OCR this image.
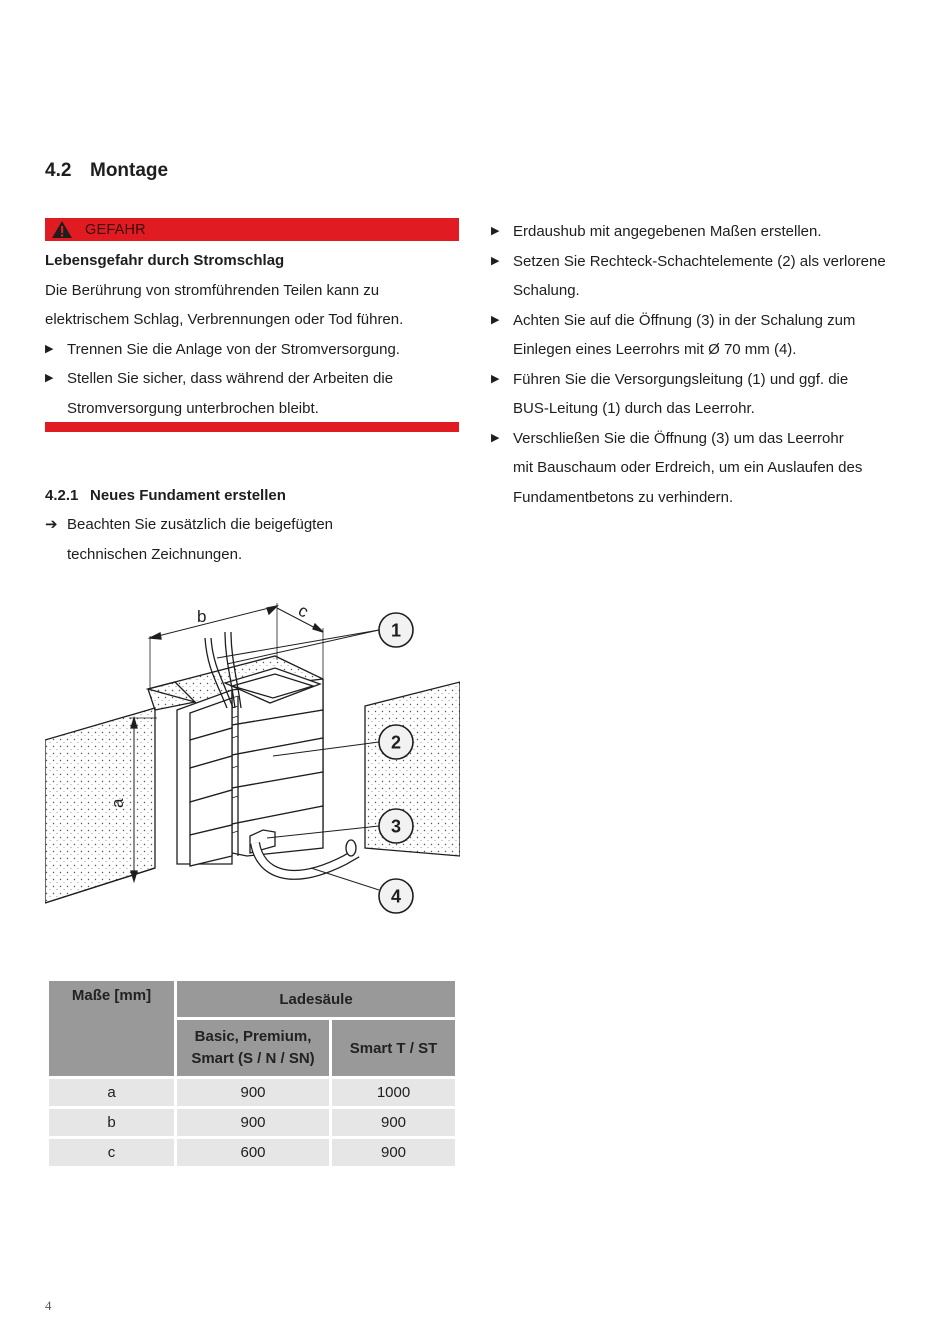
4.2 Montage
GEFAHR
Lebensgefahr durch Stromschlag
Die Berührung von stromführenden Teilen kann zu
elektrischem Schlag, Verbrennungen oder Tod führen.
▶ Trennen Sie die Anlage von der Stromversorgung.
▶ Stellen Sie sicher, dass während der Arbeiten die
Stromversorgung unterbrochen bleibt.
4.2.1 Neues Fundament erstellen
➔ Beachten Sie zusätzlich die beigefügten
technischen Zeichnungen.
▶ Erdaushub mit angegebenen Maßen erstellen.
▶ Setzen Sie Rechteck-Schachtelemente (2) als verlorene
Schalung.
▶ Achten Sie auf die Öffnung (3) in der Schalung zum
Einlegen eines Leerrohrs mit Ø 70 mm (4).
▶ Führen Sie die Versorgungsleitung (1) und ggf. die
BUS-Leitung (1) durch das Leerrohr.
▶ Verschließen Sie die Öffnung (3) um das Leerrohr
mit Bauschaum oder Erdreich, um ein Auslaufen des
Fundamentbetons zu verhindern.
b	c
a
1
2
3
4
Maße [mm]	Ladesäule	
	Basic, Premium, Smart (S / N / SN)	Smart T / ST
a	900	1000
b	900	900
c	600	900
4
